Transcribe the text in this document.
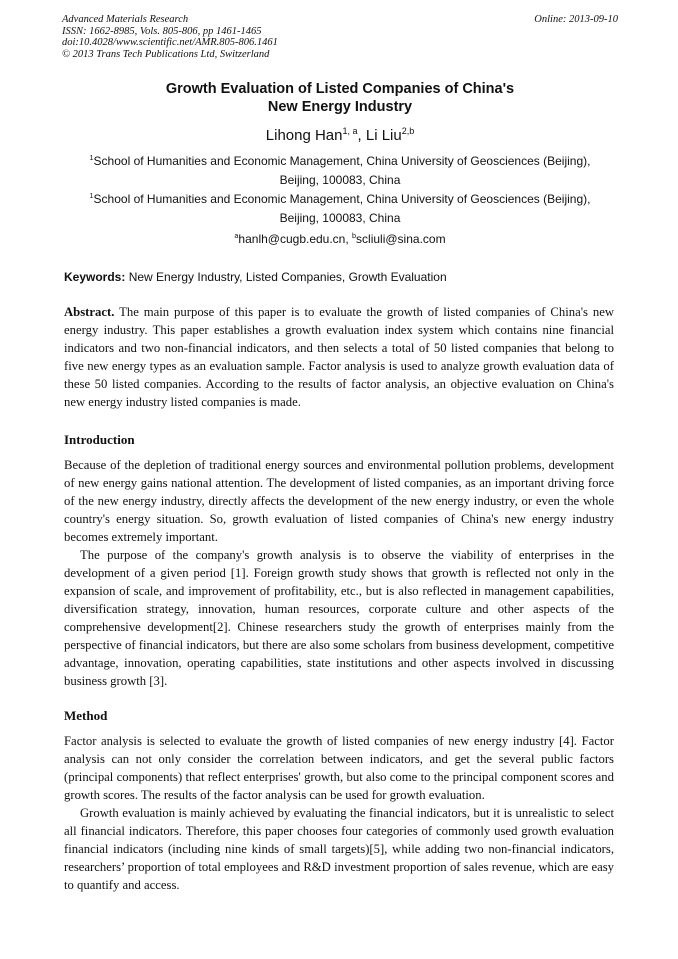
Advanced Materials Research
ISSN: 1662-8985, Vols. 805-806, pp 1461-1465
doi:10.4028/www.scientific.net/AMR.805-806.1461
© 2013 Trans Tech Publications Ltd, Switzerland
Online: 2013-09-10
Growth Evaluation of Listed Companies of China's
New Energy Industry
Lihong Han$^{1, a}$, Li Liu$^{2,b}$
$^1$School of Humanities and Economic Management, China University of Geosciences (Beijing),
Beijing, 100083, China
$^1$School of Humanities and Economic Management, China University of Geosciences (Beijing),
Beijing, 100083, China
$^a$hanlh@cugb.edu.cn, $^b$scliuli@sina.com
Keywords: New Energy Industry, Listed Companies, Growth Evaluation

Abstract. The main purpose of this paper is to evaluate the growth of listed companies of China's new energy industry. This paper establishes a growth evaluation index system which contains nine financial indicators and two non-financial indicators, and then selects a total of 50 listed companies that belong to five new energy types as an evaluation sample. Factor analysis is used to analyze growth evaluation data of these 50 listed companies. According to the results of factor analysis, an objective evaluation on China's new energy industry listed companies is made.

Introduction

Because of the depletion of traditional energy sources and environmental pollution problems, development of new energy gains national attention. The development of listed companies, as an important driving force of the new energy industry, directly affects the development of the new energy industry, or even the whole country's energy situation. So, growth evaluation of listed companies of China's new energy industry becomes extremely important.

The purpose of the company's growth analysis is to observe the viability of enterprises in the development of a given period [1]. Foreign growth study shows that growth is reflected not only in the expansion of scale, and improvement of profitability, etc., but is also reflected in management capabilities, diversification strategy, innovation, human resources, corporate culture and other aspects of the comprehensive development[2]. Chinese researchers study the growth of enterprises mainly from the perspective of financial indicators, but there are also some scholars from business development, competitive advantage, innovation, operating capabilities, state institutions and other aspects involved in discussing business growth [3].

Method

Factor analysis is selected to evaluate the growth of listed companies of new energy industry [4]. Factor analysis can not only consider the correlation between indicators, and get the several public factors (principal components) that reflect enterprises' growth, but also come to the principal component scores and growth scores. The results of the factor analysis can be used for growth evaluation.

Growth evaluation is mainly achieved by evaluating the financial indicators, but it is unrealistic to select all financial indicators. Therefore, this paper chooses four categories of commonly used growth evaluation financial indicators (including nine kinds of small targets)[5], while adding two non-financial indicators, researchers’ proportion of total employees and R&D investment proportion of sales revenue, which are easy to quantify and access.
